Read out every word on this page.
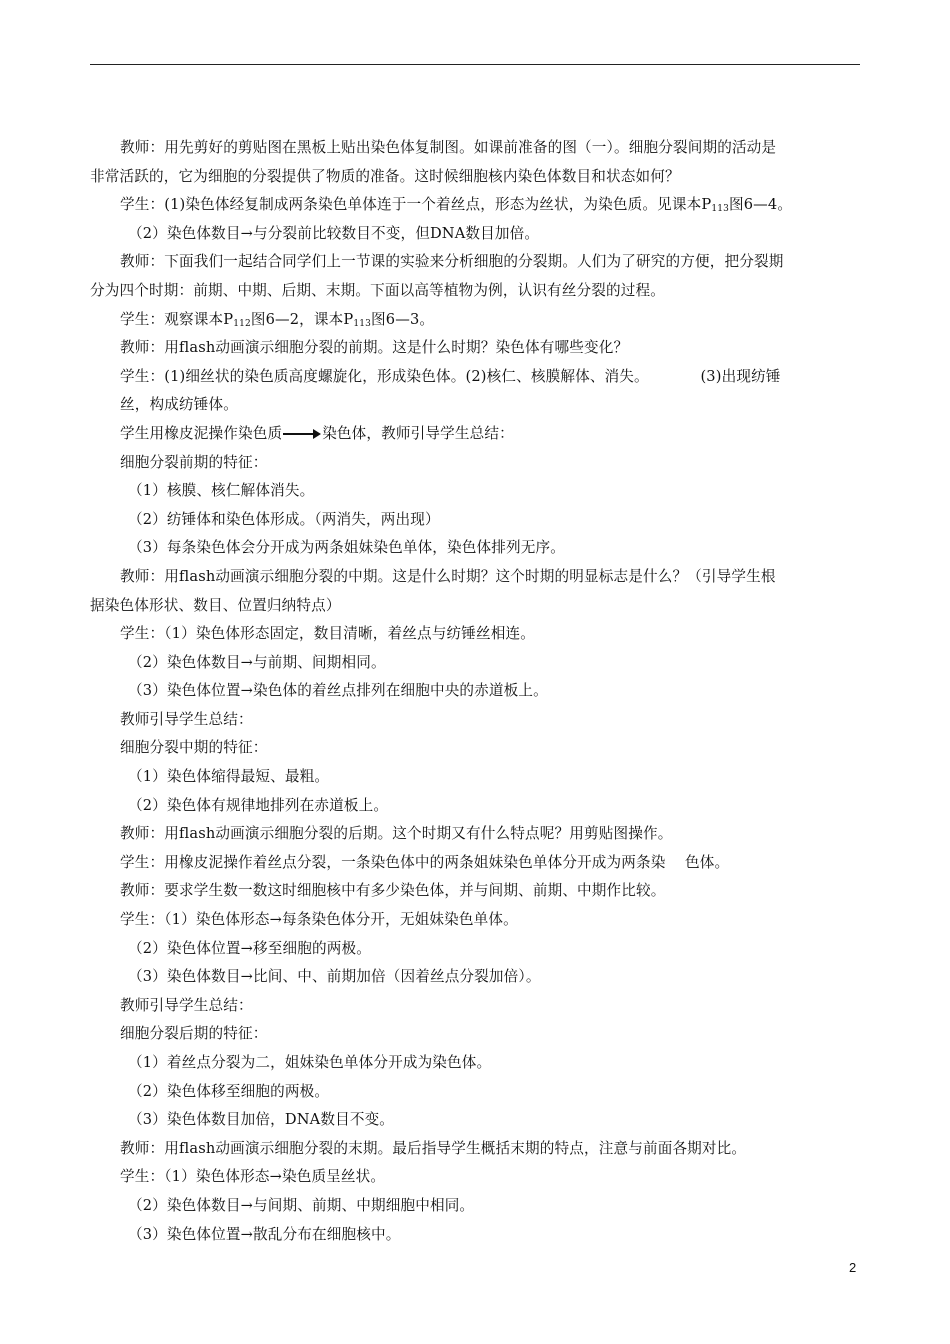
教师：用先剪好的剪贴图在黑板上贴出染色体复制图。如课前准备的图（一）。细胞分裂间期的活动是
非常活跃的，它为细胞的分裂提供了物质的准备。这时候细胞核内染色体数目和状态如何？
学生：(1)染色体经复制成两条染色单体连于一个着丝点，形态为丝状，为染色质。见课本$P_{113}$图6—4。
（2）染色体数目→与分裂前比较数目不变，但DNA数目加倍。
教师：下面我们一起结合同学们上一节课的实验来分析细胞的分裂期。人们为了研究的方便，把分裂期
分为四个时期：前期、中期、后期、末期。下面以高等植物为例，认识有丝分裂的过程。
学生：观察课本$P_{112}$图6—2，课本$P_{113}$图6—3。
教师：用flash动画演示细胞分裂的前期。这是什么时期？染色体有哪些变化？
学生：(1)细丝状的染色质高度螺旋化，形成染色体。(2)核仁、核膜解体、消失。　　　　(3)出现纺锤
丝，构成纺锤体。
学生用橡皮泥操作染色质	染色体，教师引导学生总结：
细胞分裂前期的特征：
（1）核膜、核仁解体消失。
（2）纺锤体和染色体形成。（两消失，两出现）
（3）每条染色体会分开成为两条姐妹染色单体，染色体排列无序。
教师：用flash动画演示细胞分裂的中期。这是什么时期？这个时期的明显标志是什么？（引导学生根
据染色体形状、数目、位置归纳特点）
学生：（1）染色体形态固定，数目清晰，着丝点与纺锤丝相连。
（2）染色体数目→与前期、间期相同。
（3）染色体位置→染色体的着丝点排列在细胞中央的赤道板上。
教师引导学生总结：
细胞分裂中期的特征：
（1）染色体缩得最短、最粗。
（2）染色体有规律地排列在赤道板上。
教师：用flash动画演示细胞分裂的后期。这个时期又有什么特点呢？用剪贴图操作。
学生：用橡皮泥操作着丝点分裂，一条染色体中的两条姐妹染色单体分开成为两条染　 色体。
教师：要求学生数一数这时细胞核中有多少染色体，并与间期、前期、中期作比较。
学生：（1）染色体形态→每条染色体分开，无姐妹染色单体。
（2）染色体位置→移至细胞的两极。
（3）染色体数目→比间、中、前期加倍（因着丝点分裂加倍）。
教师引导学生总结：
细胞分裂后期的特征：
（1）着丝点分裂为二，姐妹染色单体分开成为染色体。
（2）染色体移至细胞的两极。
（3）染色体数目加倍，DNA数目不变。
教师：用flash动画演示细胞分裂的末期。最后指导学生概括末期的特点，注意与前面各期对比。
学生：（1）染色体形态→染色质呈丝状。
（2）染色体数目→与间期、前期、中期细胞中相同。
（3）染色体位置→散乱分布在细胞核中。
2
